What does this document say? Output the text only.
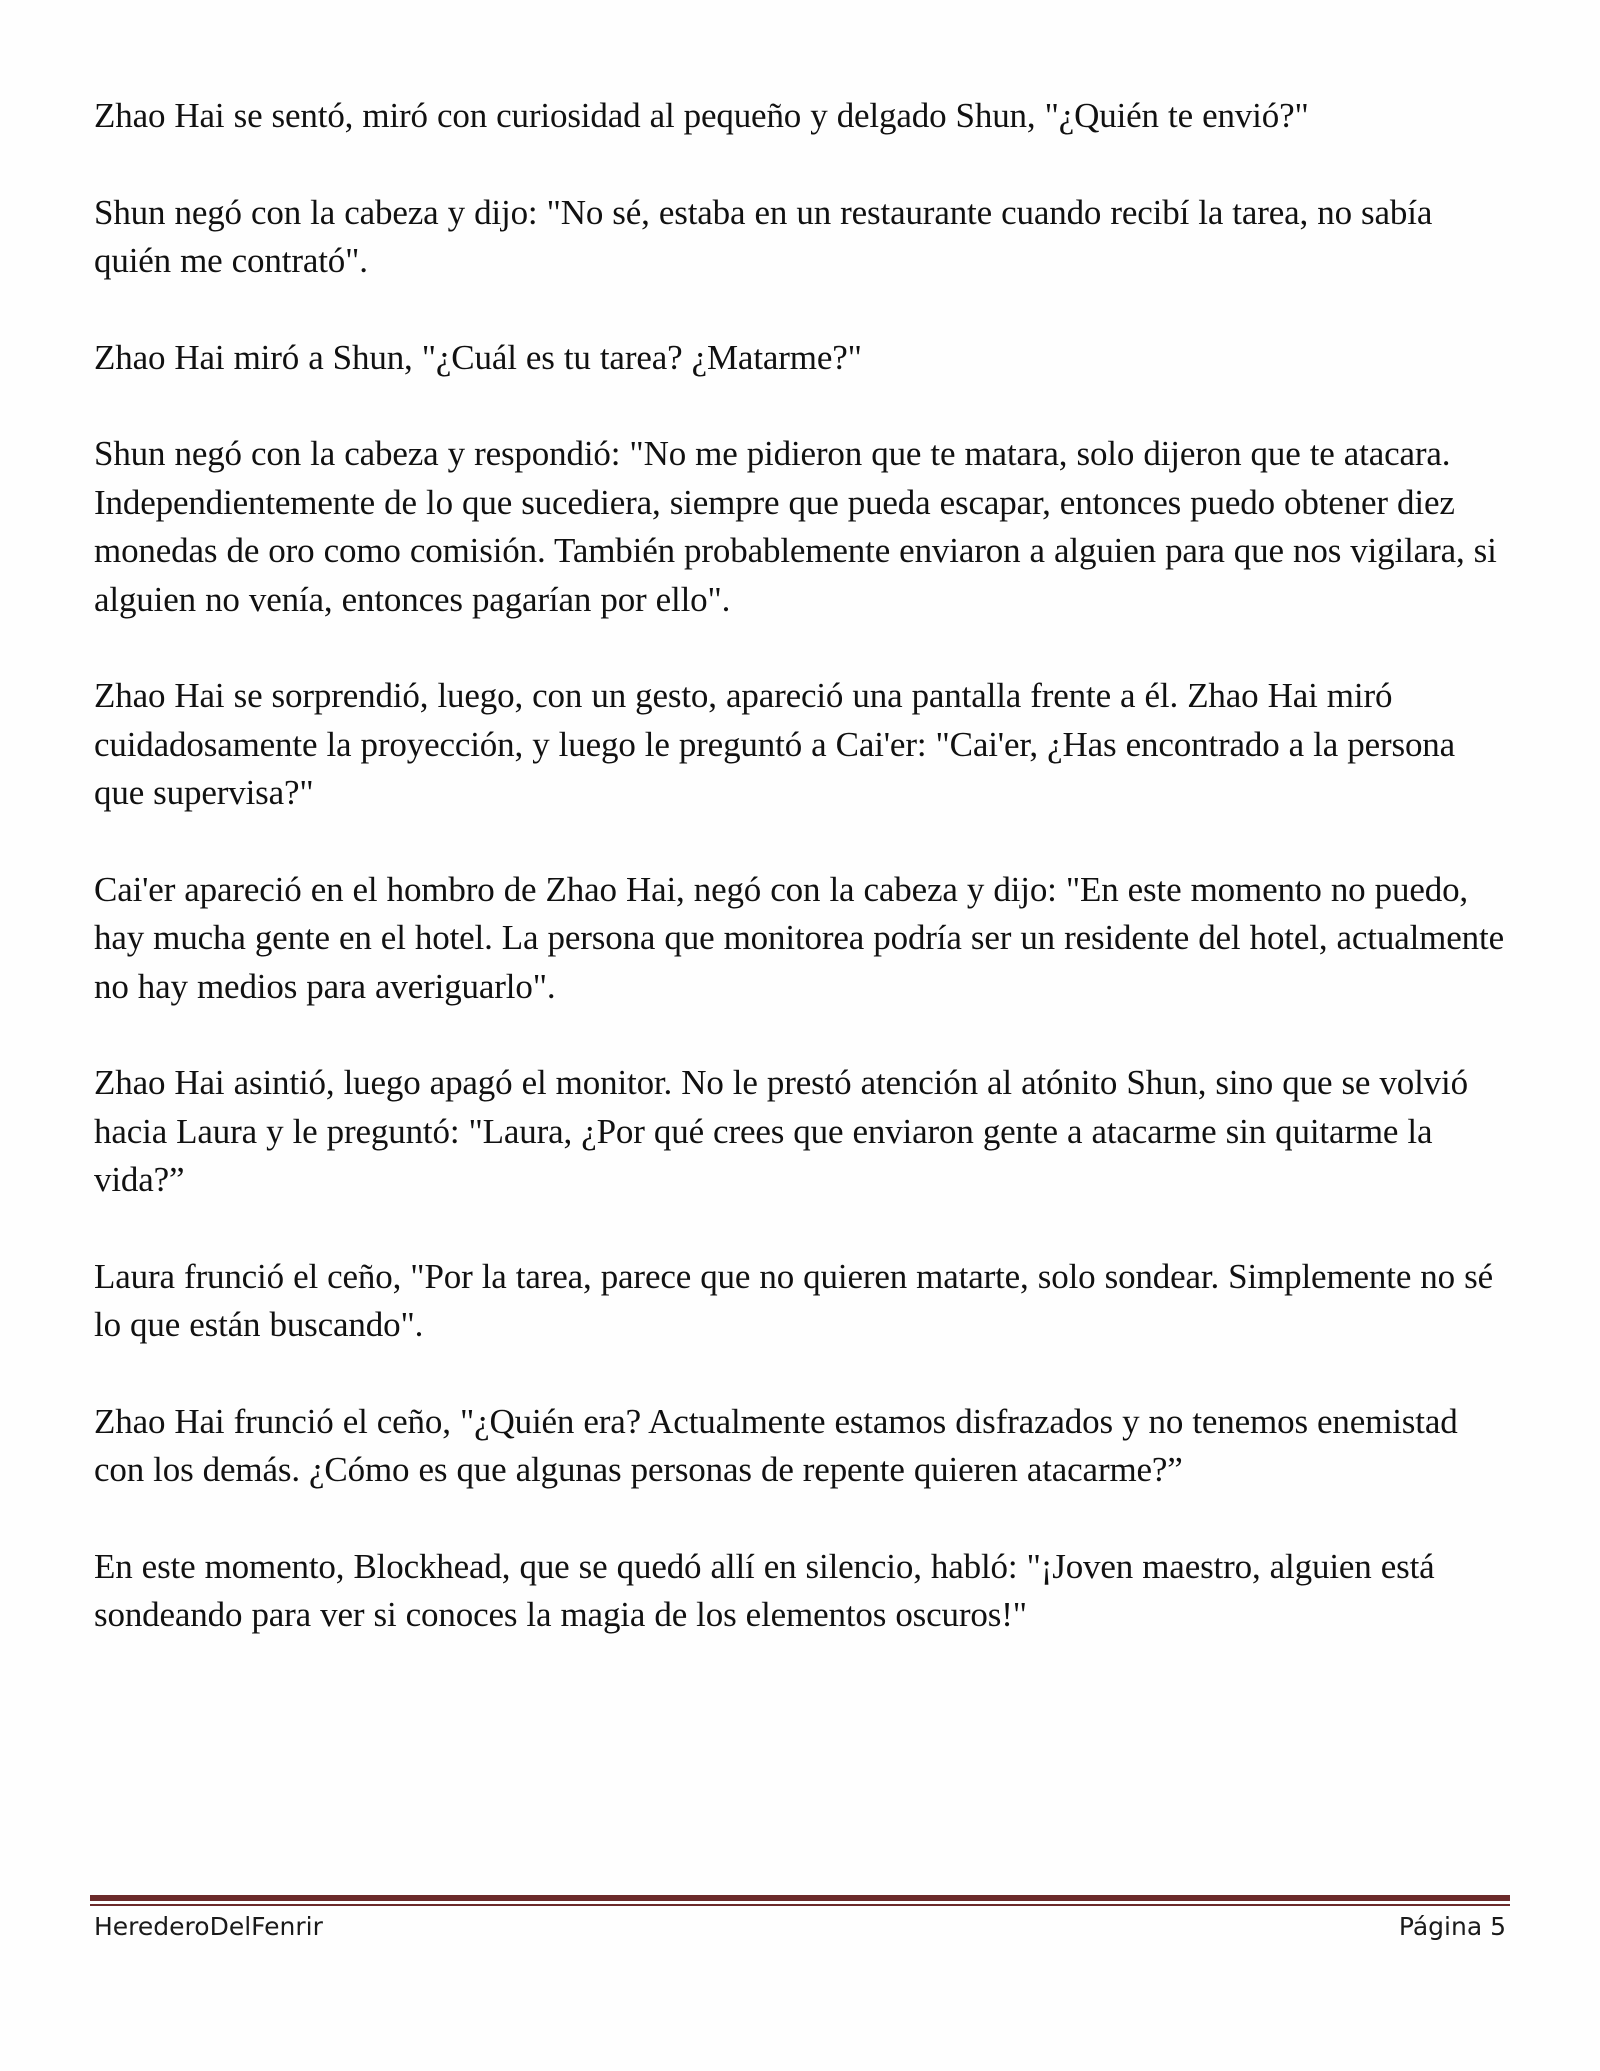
Zhao Hai se sentó, miró con curiosidad al pequeño y delgado Shun, "¿Quién te envió?"

Shun negó con la cabeza y dijo: "No sé, estaba en un restaurante cuando recibí la tarea, no sabía quién me contrató".

Zhao Hai miró a Shun, "¿Cuál es tu tarea? ¿Matarme?"

Shun negó con la cabeza y respondió: "No me pidieron que te matara, solo dijeron que te atacara. Independientemente de lo que sucediera, siempre que pueda escapar, entonces puedo obtener diez monedas de oro como comisión. También probablemente enviaron a alguien para que nos vigilara, si alguien no venía, entonces pagarían por ello".

Zhao Hai se sorprendió, luego, con un gesto, apareció una pantalla frente a él. Zhao Hai miró cuidadosamente la proyección, y luego le preguntó a Cai'er: "Cai'er, ¿Has encontrado a la persona que supervisa?"

Cai'er apareció en el hombro de Zhao Hai, negó con la cabeza y dijo: "En este momento no puedo, hay mucha gente en el hotel. La persona que monitorea podría ser un residente del hotel, actualmente no hay medios para averiguarlo".

Zhao Hai asintió, luego apagó el monitor. No le prestó atención al atónito Shun, sino que se volvió hacia Laura y le preguntó: "Laura, ¿Por qué crees que enviaron gente a atacarme sin quitarme la vida?”

Laura frunció el ceño, "Por la tarea, parece que no quieren matarte, solo sondear. Simplemente no sé lo que están buscando".

Zhao Hai frunció el ceño, "¿Quién era? Actualmente estamos disfrazados y no tenemos enemistad con los demás. ¿Cómo es que algunas personas de repente quieren atacarme?”

En este momento, Blockhead, que se quedó allí en silencio, habló: "¡Joven maestro, alguien está sondeando para ver si conoces la magia de los elementos oscuros!"

HerederoDelFenrir	Página 5
